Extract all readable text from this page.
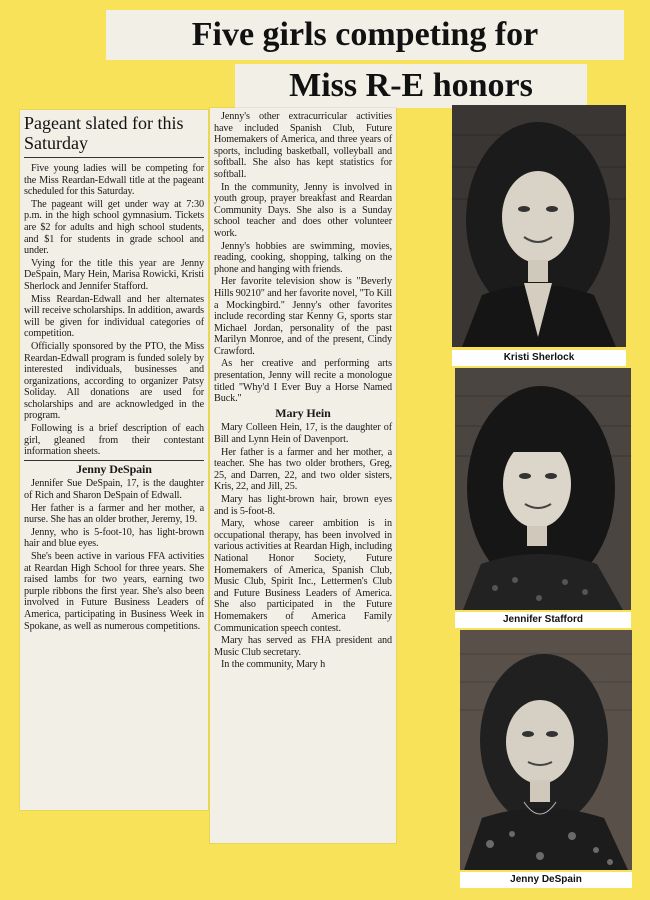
Five girls competing for
Miss R-E honors
Pageant slated for this Saturday

Five young ladies will be competing for the Miss Reardan-Edwall title at the pageant scheduled for this Saturday.

The pageant will get under way at 7:30 p.m. in the high school gymnasium. Tickets are $2 for adults and high school students, and $1 for students in grade school and under.

Vying for the title this year are Jenny DeSpain, Mary Hein, Marisa Rowicki, Kristi Sherlock and Jennifer Stafford.

Miss Reardan-Edwall and her alternates will receive scholarships. In addition, awards will be given for individual categories of competition.

Officially sponsored by the PTO, the Miss Reardan-Edwall program is funded solely by interested individuals, businesses and organizations, according to organizer Patsy Soliday. All donations are used for scholarships and are acknowledged in the program.

Following is a brief description of each girl, gleaned from their contestant information sheets.

Jenny DeSpain

Jennifer Sue DeSpain, 17, is the daughter of Rich and Sharon DeSpain of Edwall.

Her father is a farmer and her mother, a nurse. She has an older brother, Jeremy, 19.

Jenny, who is 5-foot-10, has light-brown hair and blue eyes.

She's been active in various FFA activities at Reardan High School for three years. She raised lambs for two years, earning two purple ribbons the first year. She's also been involved in Future Business Leaders of America, participating in Business Week in Spokane, as well as numerous competitions.

Jenny's other extracurricular activities have included Spanish Club, Future Homemakers of America, and three years of sports, including basketball, volleyball and softball. She also has kept statistics for softball.

In the community, Jenny is involved in youth group, prayer breakfast and Reardan Community Days. She also is a Sunday school teacher and does other volunteer work.

Jenny's hobbies are swimming, movies, reading, cooking, shopping, talking on the phone and hanging with friends.

Her favorite television show is "Beverly Hills 90210" and her favorite novel, "To Kill a Mockingbird." Jenny's other favorites include recording star Kenny G, sports star Michael Jordan, personality of the past Marilyn Monroe, and of the present, Cindy Crawford.

As her creative and performing arts presentation, Jenny will recite a monologue titled "Why'd I Ever Buy a Horse Named Buck."

Mary Hein

Mary Colleen Hein, 17, is the daughter of Bill and Lynn Hein of Davenport.

Her father is a farmer and her mother, a teacher. She has two older brothers, Greg, 25, and Darren, 22, and two older sisters, Kris, 22, and Jill, 25.

Mary has light-brown hair, brown eyes and is 5-foot-8.

Mary, whose career ambition is in occupational therapy, has been involved in various activities at Reardan High, including National Honor Society, Future Homemakers of America, Spanish Club, Music Club, Spirit Inc., Lettermen's Club and Future Business Leaders of America. She also participated in the Future Homemakers of America Family Communication speech contest.

Mary has served as FHA president and Music Club secretary.

In the community, Mary h

Kristi Sherlock
Jennifer Stafford
Jenny DeSpain
